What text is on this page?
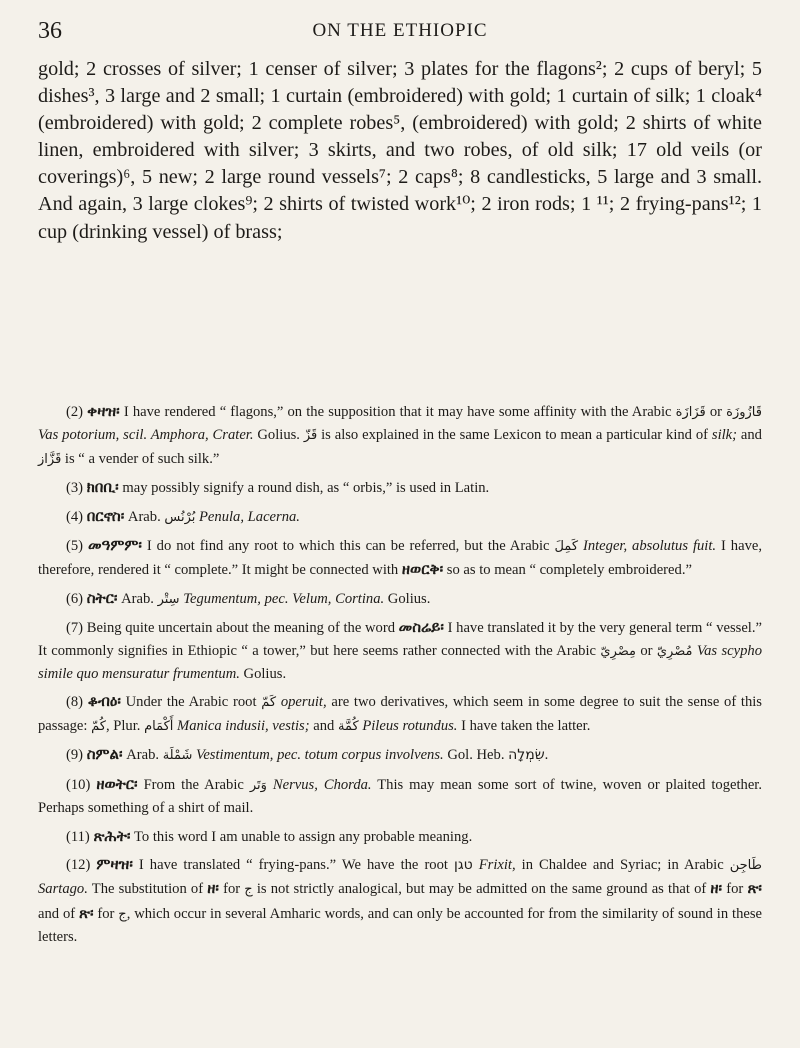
36	ON THE ETHIOPIC

gold; 2 crosses of silver; 1 censer of silver; 3 plates for the flagons²; 2 cups of beryl; 5 dishes³, 3 large and 2 small; 1 curtain (embroidered) with gold; 1 curtain of silk; 1 cloak⁴ (embroidered) with gold; 2 complete robes⁵, (embroidered) with gold; 2 shirts of white linen, embroidered with silver; 3 skirts, and two robes, of old silk; 17 old veils (or coverings)⁶, 5 new; 2 large round vessels⁷; 2 caps⁸; 8 candlesticks, 5 large and 3 small. And again, 3 large clokes⁹; 2 shirts of twisted work¹⁰; 2 iron rods; 1 ¹¹; 2 frying-pans¹²; 1 cup (drinking vessel) of brass;

(2) ቀዛዝ፡ I have rendered “ flagons,” on the supposition that it may have some affinity with the Arabic قَزَازَة or قَازُوزَة Vas potorium, scil. Amphora, Crater. Golius. قَزّ is also explained in the same Lexicon to mean a particular kind of silk; and قَزَّاز is “ a vender of such silk.”

(3) ክበቢ፡ may possibly signify a round dish, as “ orbis,” is used in Latin.

(4) በርኖስ፡ Arab. بُرْنُس Penula, Lacerna.

(5) መዓምም፡ I do not find any root to which this can be referred, but the Arabic كَمِلَ Integer, absolutus fuit. I have, therefore, rendered it “ complete.” It might be connected with ዘወርቅ፡ so as to mean “ completely embroidered.”

(6) ስትር፡ Arab. سِتْر Tegumentum, pec. Velum, Cortina. Golius.

(7) Being quite uncertain about the meaning of the word መስሬይ፡ I have translated it by the very general term “ vessel.” It commonly signifies in Ethiopic “ a tower,” but here seems rather connected with the Arabic مِصْرِيّ or مُصْرِيّ Vas scypho simile quo mensuratur frumentum. Golius.

(8) ቆብዕ፡ Under the Arabic root كَمّ operuit, are two derivatives, which seem in some degree to suit the sense of this passage: كُمّ, Plur. أَكْمَام Manica indusii, vestis; and كُمَّة Pileus rotundus. I have taken the latter.

(9) ስምል፡ Arab. شَمْلَة Vestimentum, pec. totum corpus involvens. Gol. Heb. שִׂמְלָה.

(10) ዘወትር፡ From the Arabic وَتَر Nervus, Chorda. This may mean some sort of twine, woven or plaited together. Perhaps something of a shirt of mail.

(11) ጽሕት፡ To this word I am unable to assign any probable meaning.

(12) ምዛዝ፡ I have translated “ frying-pans.” We have the root טגן Frixit, in Chaldee and Syriac; in Arabic طَاجِن Sartago. The substitution of ዘ፡ for ج is not strictly analogical, but may be admitted on the same ground as that of ዘ፡ for ጽ፡ and of ጽ፡ for ج, which occur in several Amharic words, and can only be accounted for from the similarity of sound in these letters.
